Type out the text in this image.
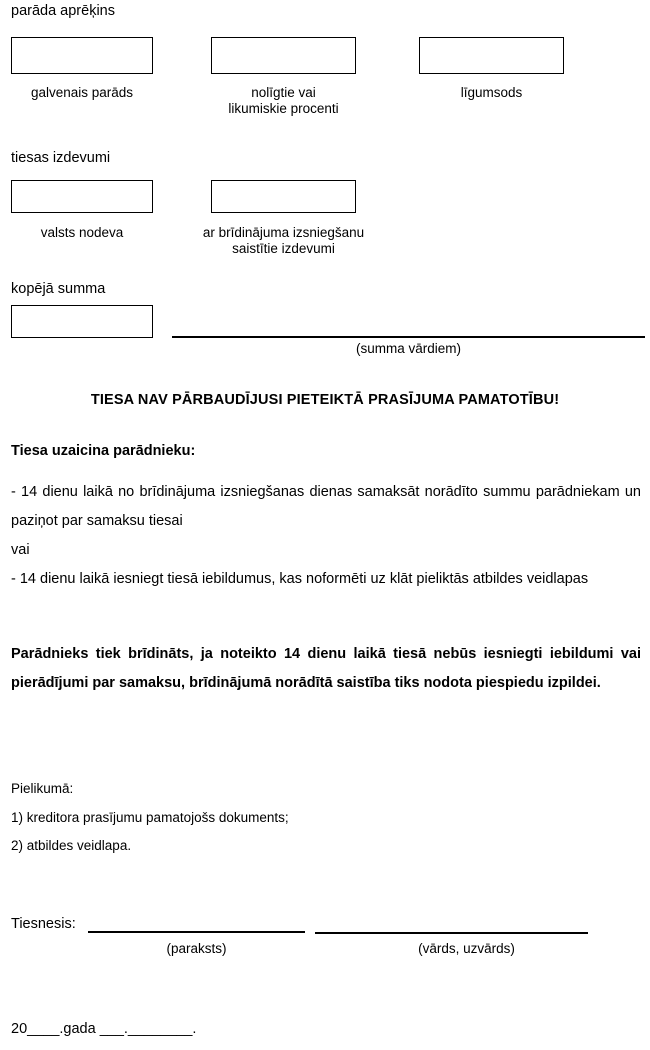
parāda aprēķins
galvenais parāds	nolīgtie vai
likumiskie procenti
līgumsods
tiesas izdevumi
valsts nodeva	ar brīdinājuma izsniegšanu
saistītie izdevumi
kopējā summa
(summa vārdiem)
TIESA NAV PĀRBAUDĪJUSI PIETEIKTĀ PRASĪJUMA PAMATOTĪBU!
Tiesa uzaicina parādnieku:
- 14 dienu laikā no brīdinājuma izsniegšanas dienas samaksāt norādīto summu parādniekam un paziņot par samaksu tiesai
vai
- 14 dienu laikā iesniegt tiesā iebildumus, kas noformēti uz klāt pieliktās atbildes veidlapas
Parādnieks tiek brīdināts, ja noteikto 14 dienu laikā tiesā nebūs iesniegti iebildumi vai pierādījumi par samaksu, brīdinājumā norādītā saistība tiks nodota piespiedu izpildei.
Pielikumā:
1) kreditora prasījumu pamatojošs dokuments;
2) atbildes veidlapa.
Tiesnesis:
(paraksts)	(vārds, uzvārds)
20____.gada ___.________.
